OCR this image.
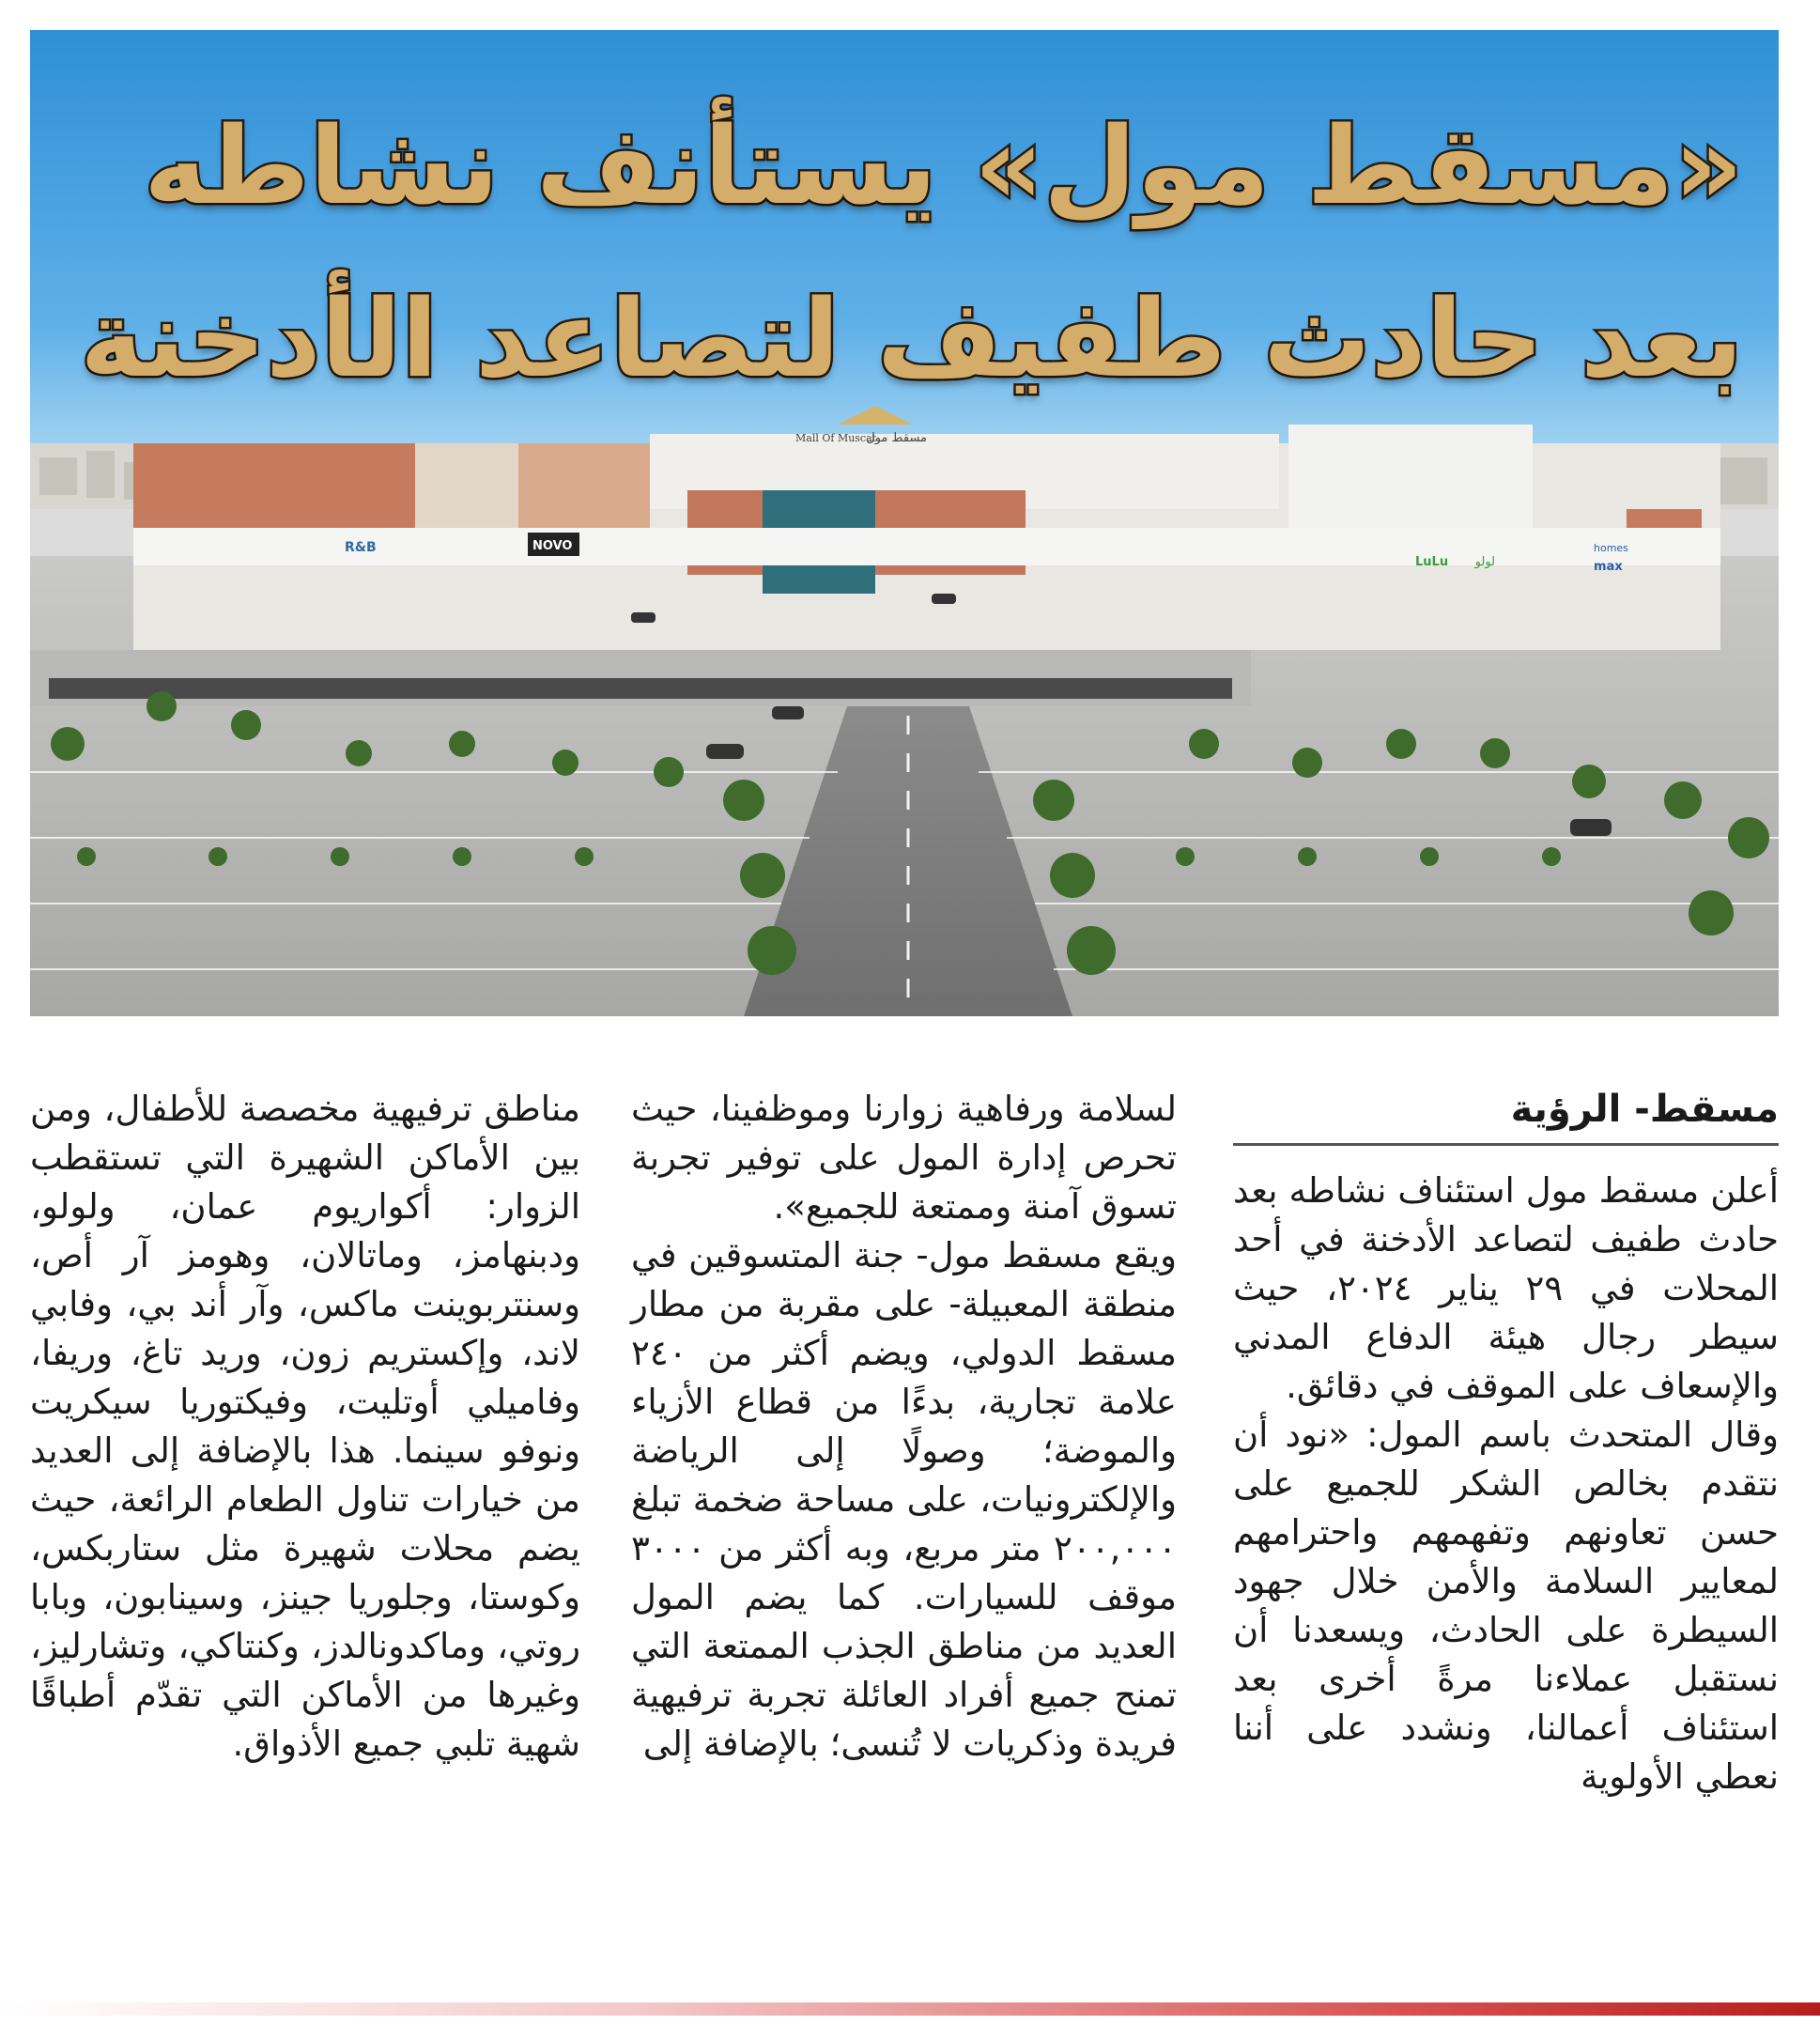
Mall Of Muscat
مسقط مول
R&B	NOVO
LuLu لولو
homes
max
«مسقط مول» يستأنف نشاطه
بعد حادث طفيف لتصاعد الأدخنة

مسقط- الرؤية

أعلن مسقط مول استئناف نشاطه بعد حادث طفيف لتصاعد الأدخنة في أحد المحلات في ٢٩ يناير ٢٠٢٤، حيث سيطر رجال هيئة الدفاع المدني والإسعاف على الموقف في دقائق.

وقال المتحدث باسم المول: «نود أن نتقدم بخالص الشكر للجميع على حسن تعاونهم وتفهمهم واحترامهم لمعايير السلامة والأمن خلال جهود السيطرة على الحادث، ويسعدنا أن نستقبل عملاءنا مرةً أخرى بعد استئناف أعمالنا، ونشدد على أننا نعطي الأولوية

لسلامة ورفاهية زوارنا وموظفينا، حيث تحرص إدارة المول على توفير تجربة تسوق آمنة وممتعة للجميع».

ويقع مسقط مول- جنة المتسوقين في منطقة المعبيلة- على مقربة من مطار مسقط الدولي، ويضم أكثر من ٢٤٠ علامة تجارية، بدءًا من قطاع الأزياء والموضة؛ وصولًا إلى الرياضة والإلكترونيات، على مساحة ضخمة تبلغ ٢٠٠,٠٠٠ متر مربع، وبه أكثر من ٣٠٠٠ موقف للسيارات. كما يضم المول العديد من مناطق الجذب الممتعة التي تمنح جميع أفراد العائلة تجربة ترفيهية فريدة وذكريات لا تُنسى؛ بالإضافة إلى

مناطق ترفيهية مخصصة للأطفال، ومن بين الأماكن الشهيرة التي تستقطب الزوار: أكواريوم عمان، ولولو، ودبنهامز، وماتالان، وهومز آر أص، وسنتربوينت ماكس، وآر أند بي، وفابي لاند، وإكستريم زون، وريد تاغ، وريفا، وفاميلي أوتليت، وفيكتوريا سيكريت ونوفو سينما. هذا بالإضافة إلى العديد من خيارات تناول الطعام الرائعة، حيث يضم محلات شهيرة مثل ستاربكس، وكوستا، وجلوريا جينز، وسينابون، وبابا روتي، وماكدونالدز، وكنتاكي، وتشارليز، وغيرها من الأماكن التي تقدّم أطباقًا شهية تلبي جميع الأذواق.
